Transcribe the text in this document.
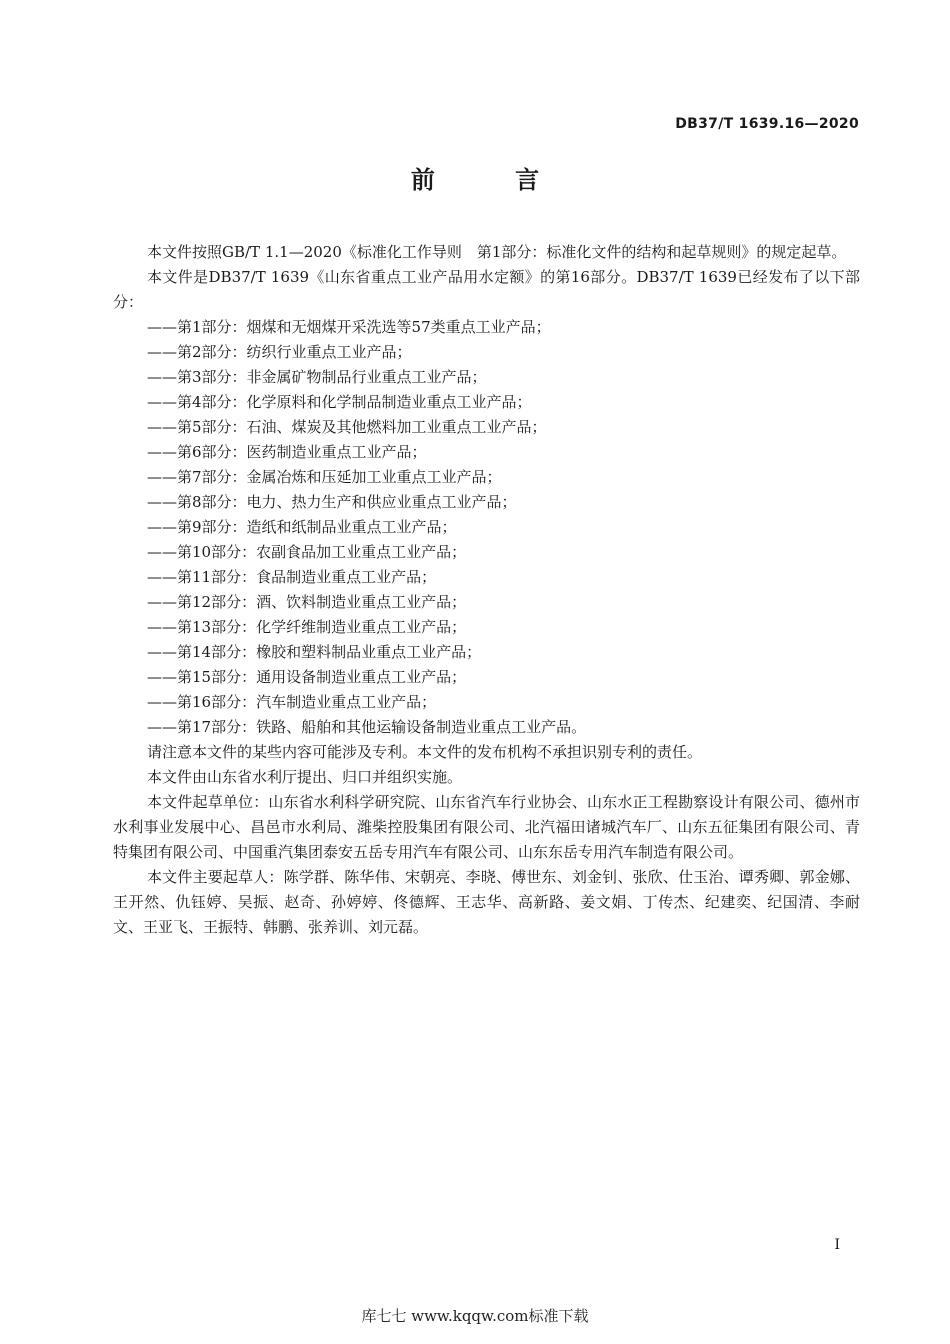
DB37/T 1639.16—2020
前 言

本文件按照GB/T 1.1—2020《标准化工作导则　第1部分：标准化文件的结构和起草规则》的规定起草。

本文件是DB37/T 1639《山东省重点工业产品用水定额》的第16部分。DB37/T 1639已经发布了以下部分：

——第1部分：烟煤和无烟煤开采洗选等57类重点工业产品；
——第2部分：纺织行业重点工业产品；
——第3部分：非金属矿物制品行业重点工业产品；
——第4部分：化学原料和化学制品制造业重点工业产品；
——第5部分：石油、煤炭及其他燃料加工业重点工业产品；
——第6部分：医药制造业重点工业产品；
——第7部分：金属冶炼和压延加工业重点工业产品；
——第8部分：电力、热力生产和供应业重点工业产品；
——第9部分：造纸和纸制品业重点工业产品；
——第10部分：农副食品加工业重点工业产品；
——第11部分：食品制造业重点工业产品；
——第12部分：酒、饮料制造业重点工业产品；
——第13部分：化学纤维制造业重点工业产品；
——第14部分：橡胶和塑料制品业重点工业产品；
——第15部分：通用设备制造业重点工业产品；
——第16部分：汽车制造业重点工业产品；
——第17部分：铁路、船舶和其他运输设备制造业重点工业产品。

请注意本文件的某些内容可能涉及专利。本文件的发布机构不承担识别专利的责任。

本文件由山东省水利厅提出、归口并组织实施。

本文件起草单位：山东省水利科学研究院、山东省汽车行业协会、山东水正工程勘察设计有限公司、德州市水利事业发展中心、昌邑市水利局、潍柴控股集团有限公司、北汽福田诸城汽车厂、山东五征集团有限公司、青特集团有限公司、中国重汽集团泰安五岳专用汽车有限公司、山东东岳专用汽车制造有限公司。

本文件主要起草人：陈学群、陈华伟、宋朝亮、李晓、傅世东、刘金钊、张欣、仕玉治、谭秀卿、郭金娜、王开然、仇钰婷、吴振、赵奇、孙婷婷、佟德辉、王志华、高新路、姜文娟、丁传杰、纪建奕、纪国清、李耐文、王亚飞、王振特、韩鹏、张养训、刘元磊。

I
库七七 www.kqqw.com标准下载
